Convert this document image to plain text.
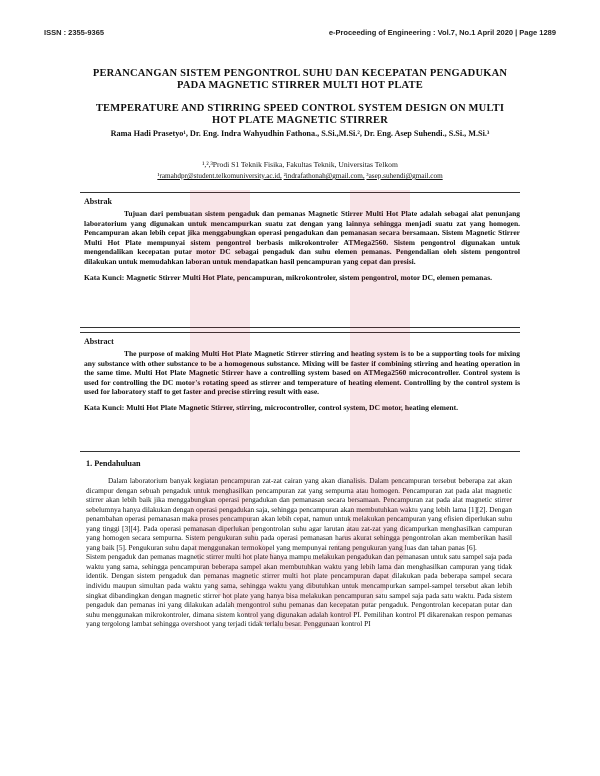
ISSN : 2355-9365	e-Proceeding of Engineering : Vol.7, No.1 April 2020 | Page 1289
PERANCANGAN SISTEM PENGONTROL SUHU DAN KECEPATAN PENGADUKAN PADA MAGNETIC STIRRER MULTI HOT PLATE
TEMPERATURE AND STIRRING SPEED CONTROL SYSTEM DESIGN ON MULTI HOT PLATE MAGNETIC STIRRER
Rama Hadi Prasetyo¹, Dr. Eng. Indra Wahyudhin Fathona., S.Si.,M.Si.², Dr. Eng. Asep Suhendi., S.Si., M.Si.³
¹,²,³Prodi S1 Teknik Fisika, Fakultas Teknik, Universitas Telkom
¹ramahdpr@student.telkomuniversity.ac.id, ²indrafathonah@gmail.com, ³asep.suhendi@gmail.com
Abstrak

Tujuan dari pembuatan sistem pengaduk dan pemanas Magnetic Stirrer Multi Hot Plate adalah sebagai alat penunjang laboratorium yang digunakan untuk mencampurkan suatu zat dengan yang lainnya sehingga menjadi suatu zat yang homogen. Pencampuran akan lebih cepat jika menggabungkan operasi pengadukan dan pemanasan secara bersamaan. Sistem Magnetic Stirrer Multi Hot Plate mempunyai sistem pengontrol berbasis mikrokontroler ATMega2560. Sistem pengontrol digunakan untuk mengendalikan kecepatan putar motor DC sebagai pengaduk dan suhu elemen pemanas. Pengendalian oleh sistem pengontrol dilakukan untuk memudahkan laboran untuk mendapatkan hasil pencampuran yang cepat dan presisi.

Kata Kunci: Magnetic Stirrer Multi Hot Plate, pencampuran, mikrokontroler, sistem pengontrol, motor DC, elemen pemanas.
Abstract

The purpose of making Multi Hot Plate Magnetic Stirrer stirring and heating system is to be a supporting tools for mixing any substance with other substance to be a homogenous substance. Mixing will be faster if combining stirring and heating operation in the same time. Multi Hot Plate Magnetic Stirrer have a controlling system based on ATMega2560 microcontroller. Control system is used for controlling the DC motor's rotating speed as stirrer and temperature of heating element. Controlling by the control system is used for laboratory staff to get faster and precise stirring result with ease.

Kata Kunci: Multi Hot Plate Magnetic Stirrer, stirring, microcontroller, control system, DC motor, heating element.
1. Pendahuluan

Dalam laboratorium banyak kegiatan pencampuran zat-zat cairan yang akan dianalisis. Dalam pencampuran tersebut beberapa zat akan dicampur dengan sebuah pengaduk untuk menghasilkan pencampuran zat yang sempurna atau homogen. Pencampuran zat pada alat magnetic stirrer akan lebih baik jika menggabungkan operasi pengadukan dan pemanasan secara bersamaan. Pencampuran zat pada alat magnetic stirrer sebelumnya hanya dilakukan dengan operasi pengadukan saja, sehingga pencampuran akan membutuhkan waktu yang lebih lama [1][2]. Dengan penambahan operasi pemanasan maka proses pencampuran akan lebih cepat, namun untuk melakukan pencampuran yang efisien diperlukan suhu yang tinggi [3][4]. Pada operasi pemanasan diperlukan pengontrolan suhu agar larutan atau zat-zat yang dicampurkan menghasilkan campuran yang homogen secara sempurna. Sistem pengukuran suhu pada operasi pemanasan harus akurat sehingga pengontrolan akan memberikan hasil yang baik [5]. Pengukuran suhu dapat menggunakan termokopel yang mempunyai rentang pengukuran yang luas dan tahan panas [6].

Sistem pengaduk dan pemanas magnetic stirrer multi hot plate hanya mampu melakukan pengadukan dan pemanasan untuk satu sampel saja pada waktu yang sama, sehingga pencampuran beberapa sampel akan membutuhkan waktu yang lebih lama dan menghasilkan campuran yang tidak identik. Dengan sistem pengaduk dan pemanas magnetic stirrer multi hot plate pencampuran dapat dilakukan pada beberapa sampel secara individu maupun simultan pada waktu yang sama, sehingga waktu yang dibutuhkan untuk mencampurkan sampel-sampel tersebut akan lebih singkat dibandingkan dengan magnetic stirrer hot plate yang hanya bisa melakukan pencampuran satu sampel saja pada satu waktu. Pada sistem pengaduk dan pemanas ini yang dilakukan adalah mengontrol suhu pemanas dan kecepatan putar pengaduk. Pengontrolan kecepatan putar dan suhu menggunakan mikrokontroler, dimana sistem kontrol yang digunakan adalah kontrol PI. Pemilihan kontrol PI dikarenakan respon pemanas yang tergolong lambat sehingga overshoot yang terjadi tidak terlalu besar. Penggunaan kontrol PI
